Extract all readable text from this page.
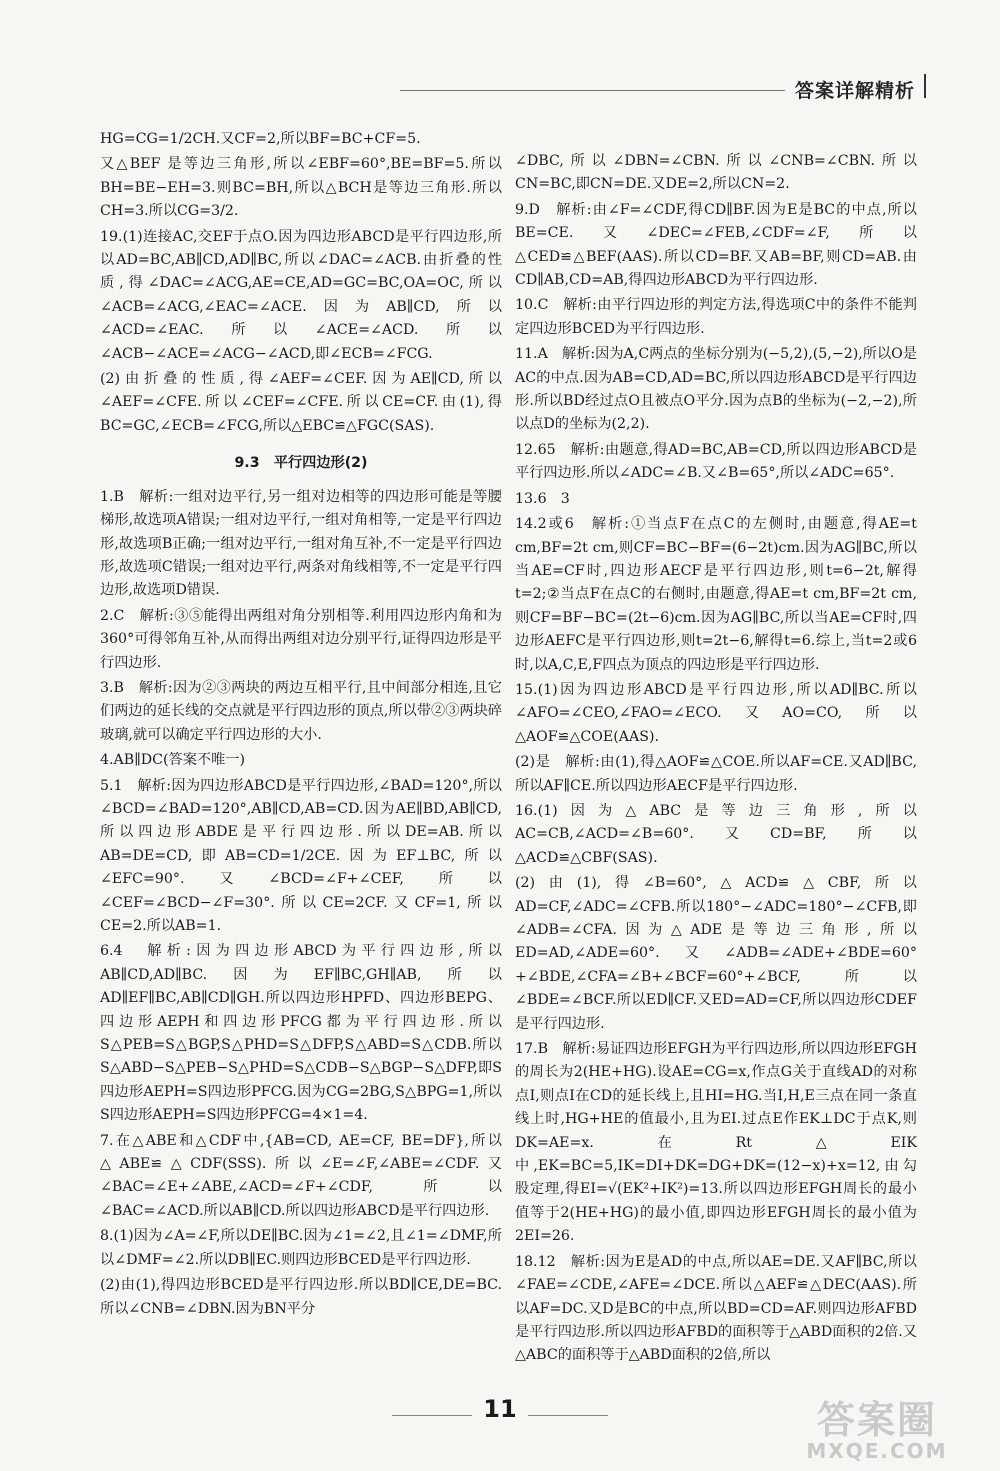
答案详解精析

HG=CG=1/2CH.又CF=2,所以BF=BC+CF=5.

又△BEF 是等边三角形,所以∠EBF=60°,BE=BF=5.所以BH=BE−EH=3.则BC=BH,所以△BCH是等边三角形.所以CH=3.所以CG=3/2.

19.(1)连接AC,交EF于点O.因为四边形ABCD是平行四边形,所以AD=BC,AB∥CD,AD∥BC,所以∠DAC=∠ACB.由折叠的性质,得∠DAC=∠ACG,AE=CE,AD=GC=BC,OA=OC,所以∠ACB=∠ACG,∠EAC=∠ACE.因为AB∥CD,所以∠ACD=∠EAC.所以∠ACE=∠ACD.所以∠ACB−∠ACE=∠ACG−∠ACD,即∠ECB=∠FCG.

(2)由折叠的性质,得∠AEF=∠CEF.因为AE∥CD,所以∠AEF=∠CFE.所以∠CEF=∠CFE.所以CE=CF.由(1),得BC=GC,∠ECB=∠FCG,所以△EBC≌△FGC(SAS).

9.3　平行四边形(2)

1.B　解析:一组对边平行,另一组对边相等的四边形可能是等腰梯形,故选项A错误;一组对边平行,一组对角相等,一定是平行四边形,故选项B正确;一组对边平行,一组对角互补,不一定是平行四边形,故选项C错误;一组对边平行,两条对角线相等,不一定是平行四边形,故选项D错误.

2.C　解析:③⑤能得出两组对角分别相等.利用四边形内角和为360°可得邻角互补,从而得出两组对边分别平行,证得四边形是平行四边形.

3.B　解析:因为②③两块的两边互相平行,且中间部分相连,且它们两边的延长线的交点就是平行四边形的顶点,所以带②③两块碎玻璃,就可以确定平行四边形的大小.

4.AB∥DC(答案不唯一)

5.1　解析:因为四边形ABCD是平行四边形,∠BAD=120°,所以∠BCD=∠BAD=120°,AB∥CD,AB=CD.因为AE∥BD,AB∥CD,所以四边形ABDE是平行四边形.所以DE=AB.所以AB=DE=CD,即AB=CD=1/2CE.因为EF⊥BC,所以∠EFC=90°.又∠BCD=∠F+∠CEF,所以∠CEF=∠BCD−∠F=30°.所以CE=2CF.又CF=1,所以CE=2.所以AB=1.

6.4　解析:因为四边形ABCD为平行四边形,所以AB∥CD,AD∥BC.因为EF∥BC,GH∥AB,所以AD∥EF∥BC,AB∥CD∥GH.所以四边形HPFD、四边形BEPG、四边形AEPH和四边形PFCG都为平行四边形.所以S△PEB=S△BGP,S△PHD=S△DFP,S△ABD=S△CDB.所以S△ABD−S△PEB−S△PHD=S△CDB−S△BGP−S△DFP,即S四边形AEPH=S四边形PFCG.因为CG=2BG,S△BPG=1,所以S四边形AEPH=S四边形PFCG=4×1=4.

7.在△ABE和△CDF中,{AB=CD, AE=CF, BE=DF},所以△ABE≌△CDF(SSS).所以∠E=∠F,∠ABE=∠CDF.又∠BAC=∠E+∠ABE,∠ACD=∠F+∠CDF,所以∠BAC=∠ACD.所以AB∥CD.所以四边形ABCD是平行四边形.

8.(1)因为∠A=∠F,所以DE∥BC.因为∠1=∠2,且∠1=∠DMF,所以∠DMF=∠2.所以DB∥EC.则四边形BCED是平行四边形.

(2)由(1),得四边形BCED是平行四边形.所以BD∥CE,DE=BC.所以∠CNB=∠DBN.因为BN平分

∠DBC,所以∠DBN=∠CBN.所以∠CNB=∠CBN.所以CN=BC,即CN=DE.又DE=2,所以CN=2.

9.D　解析:由∠F=∠CDF,得CD∥BF.因为E是BC的中点,所以BE=CE.又∠DEC=∠FEB,∠CDF=∠F,所以△CED≌△BEF(AAS).所以CD=BF.又AB=BF,则CD=AB.由CD∥AB,CD=AB,得四边形ABCD为平行四边形.

10.C　解析:由平行四边形的判定方法,得选项C中的条件不能判定四边形BCED为平行四边形.

11.A　解析:因为A,C两点的坐标分别为(−5,2),(5,−2),所以O是AC的中点.因为AB=CD,AD=BC,所以四边形ABCD是平行四边形.所以BD经过点O且被点O平分.因为点B的坐标为(−2,−2),所以点D的坐标为(2,2).

12.65　解析:由题意,得AD=BC,AB=CD,所以四边形ABCD是平行四边形.所以∠ADC=∠B.又∠B=65°,所以∠ADC=65°.

13.6　3

14.2或6　解析:①当点F在点C的左侧时,由题意,得AE=t cm,BF=2t cm,则CF=BC−BF=(6−2t)cm.因为AG∥BC,所以当AE=CF时,四边形AECF是平行四边形,则t=6−2t,解得t=2;②当点F在点C的右侧时,由题意,得AE=t cm,BF=2t cm,则CF=BF−BC=(2t−6)cm.因为AG∥BC,所以当AE=CF时,四边形AEFC是平行四边形,则t=2t−6,解得t=6.综上,当t=2或6时,以A,C,E,F四点为顶点的四边形是平行四边形.

15.(1)因为四边形ABCD是平行四边形,所以AD∥BC.所以∠AFO=∠CEO,∠FAO=∠ECO.又AO=CO,所以△AOF≌△COE(AAS).

(2)是　解析:由(1),得△AOF≌△COE.所以AF=CE.又AD∥BC,所以AF∥CE.所以四边形AECF是平行四边形.

16.(1)因为△ABC是等边三角形,所以AC=CB,∠ACD=∠B=60°.又CD=BF,所以△ACD≌△CBF(SAS).

(2)由(1),得∠B=60°,△ACD≌△CBF,所以AD=CF,∠ADC=∠CFB.所以180°−∠ADC=180°−∠CFB,即∠ADB=∠CFA.因为△ADE是等边三角形,所以ED=AD,∠ADE=60°.又∠ADB=∠ADE+∠BDE=60°+∠BDE,∠CFA=∠B+∠BCF=60°+∠BCF,所以∠BDE=∠BCF.所以ED∥CF.又ED=AD=CF,所以四边形CDEF是平行四边形.

17.B　解析:易证四边形EFGH为平行四边形,所以四边形EFGH的周长为2(HE+HG).设AE=CG=x,作点G关于直线AD的对称点I,则点I在CD的延长线上,且HI=HG.当I,H,E三点在同一条直线上时,HG+HE的值最小,且为EI.过点E作EK⊥DC于点K,则DK=AE=x.在Rt△EIK中,EK=BC=5,IK=DI+DK=DG+DK=(12−x)+x=12,由勾股定理,得EI=√(EK²+IK²)=13.所以四边形EFGH周长的最小值等于2(HE+HG)的最小值,即四边形EFGH周长的最小值为2EI=26.

18.12　解析:因为E是AD的中点,所以AE=DE.又AF∥BC,所以∠FAE=∠CDE,∠AFE=∠DCE.所以△AEF≌△DEC(AAS).所以AF=DC.又D是BC的中点,所以BD=CD=AF.则四边形AFBD是平行四边形.所以四边形AFBD的面积等于△ABD面积的2倍.又△ABC的面积等于△ABD面积的2倍,所以

11	答案圈
MXQE.COM
